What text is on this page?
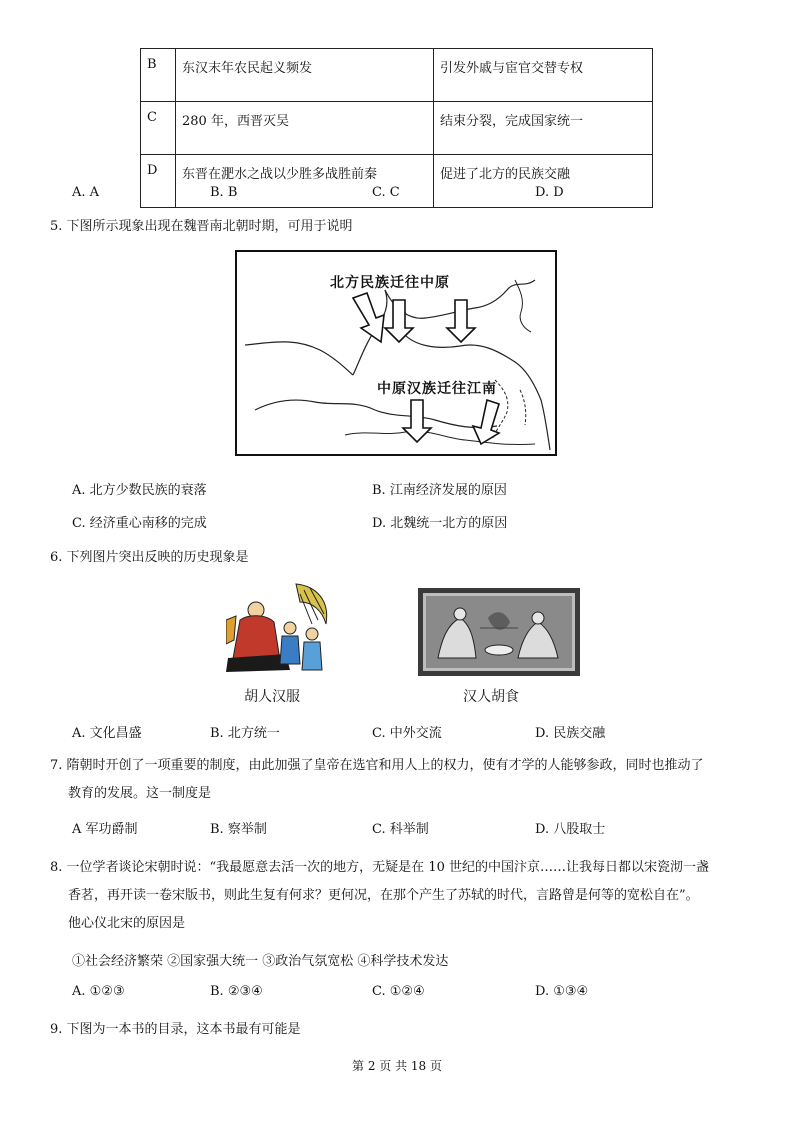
B	东汉末年农民起义频发	引发外戚与宦官交替专权
C	280 年，西晋灭吴	结束分裂，完成国家统一
D	东晋在淝水之战以少胜多战胜前秦	促进了北方的民族交融
A. A	B. B	C. C	D. D
5. 下图所示现象出现在魏晋南北朝时期，可用于说明
北方民族迁往中原
中原汉族迁往江南
A. 北方少数民族的衰落	B. 江南经济发展的原因
C. 经济重心南移的完成	D. 北魏统一北方的原因
6. 下列图片突出反映的历史现象是
胡人汉服	汉人胡食
A. 文化昌盛	B. 北方统一	C. 中外交流	D. 民族交融
7. 隋朝时开创了一项重要的制度，由此加强了皇帝在选官和用人上的权力，使有才学的人能够参政，同时也推动了
教育的发展。这一制度是
A 军功爵制	B. 察举制	C. 科举制	D. 八股取士
8. 一位学者谈论宋朝时说：“我最愿意去活一次的地方，无疑是在 10 世纪的中国汴京……让我每日都以宋瓷沏一盏
香茗，再开读一卷宋版书，则此生复有何求？更何况，在那个产生了苏轼的时代，言路曾是何等的宽松自在”。
他心仪北宋的原因是
①社会经济繁荣 ②国家强大统一 ③政治气氛宽松 ④科学技术发达
A. ①②③	B. ②③④	C. ①②④	D. ①③④
9. 下图为一本书的目录，这本书最有可能是
第 2 页 共 18 页
